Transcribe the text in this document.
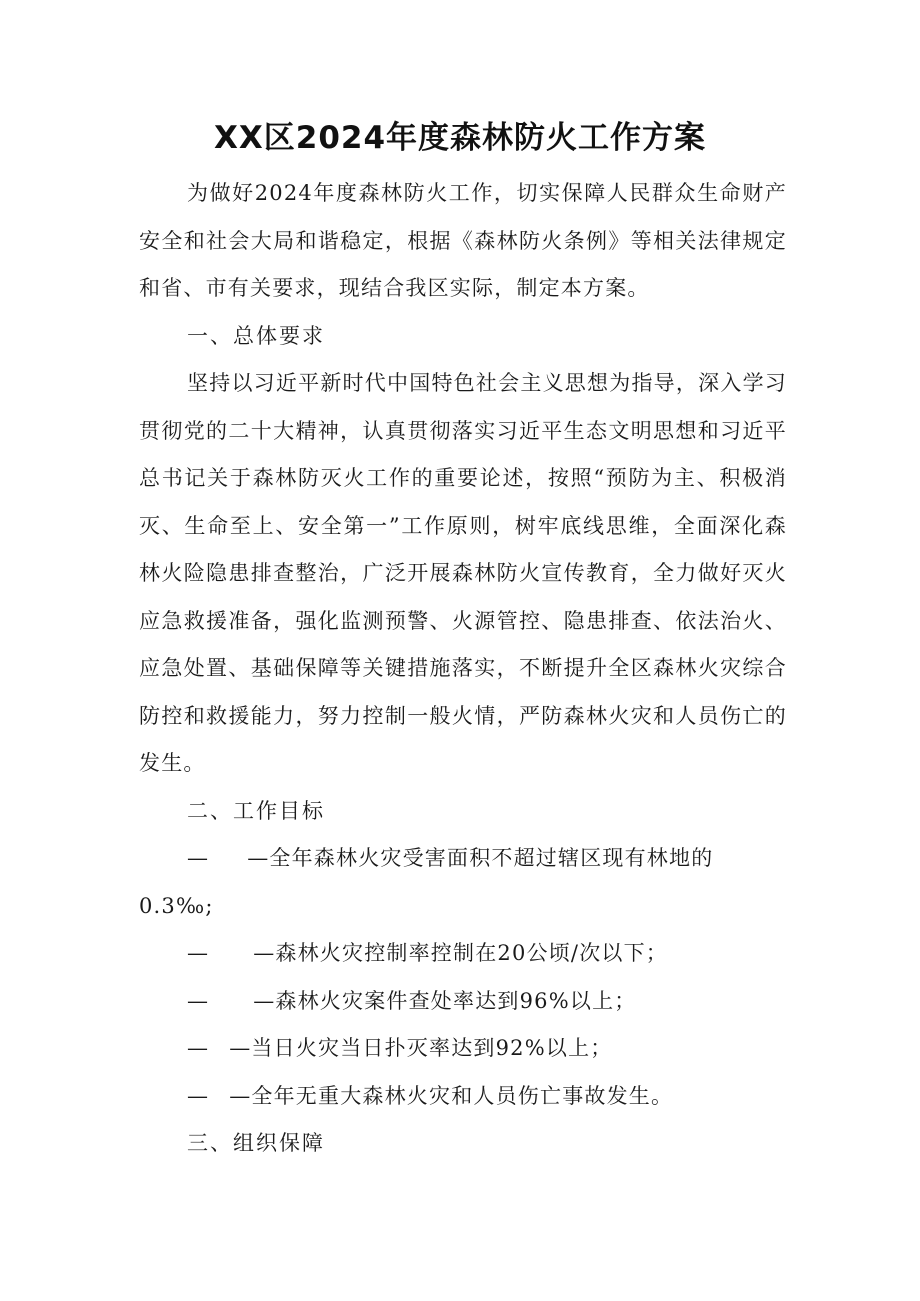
XX区2024年度森林防火工作方案

为做好2024年度森林防火工作，切实保障人民群众生命财产安全和社会大局和谐稳定，根据《森林防火条例》等相关法律规定和省、市有关要求，现结合我区实际，制定本方案。

一、总体要求

坚持以习近平新时代中国特色社会主义思想为指导，深入学习贯彻党的二十大精神，认真贯彻落实习近平生态文明思想和习近平总书记关于森林防灭火工作的重要论述，按照“预防为主、积极消灭、生命至上、安全第一”工作原则，树牢底线思维，全面深化森林火险隐患排查整治，广泛开展森林防火宣传教育，全力做好灭火应急救援准备，强化监测预警、火源管控、隐患排查、依法治火、应急处置、基础保障等关键措施落实，不断提升全区森林火灾综合防控和救援能力，努力控制一般火情，严防森林火灾和人员伤亡的发生。

二、工作目标

— —全年森林火灾受害面积不超过辖区现有林地的0.3‰;

— —森林火灾控制率控制在20公顷/次以下；

— —森林火灾案件查处率达到96%以上；

— —当日火灾当日扑灭率达到92%以上；

— —全年无重大森林火灾和人员伤亡事故发生。

三、组织保障
